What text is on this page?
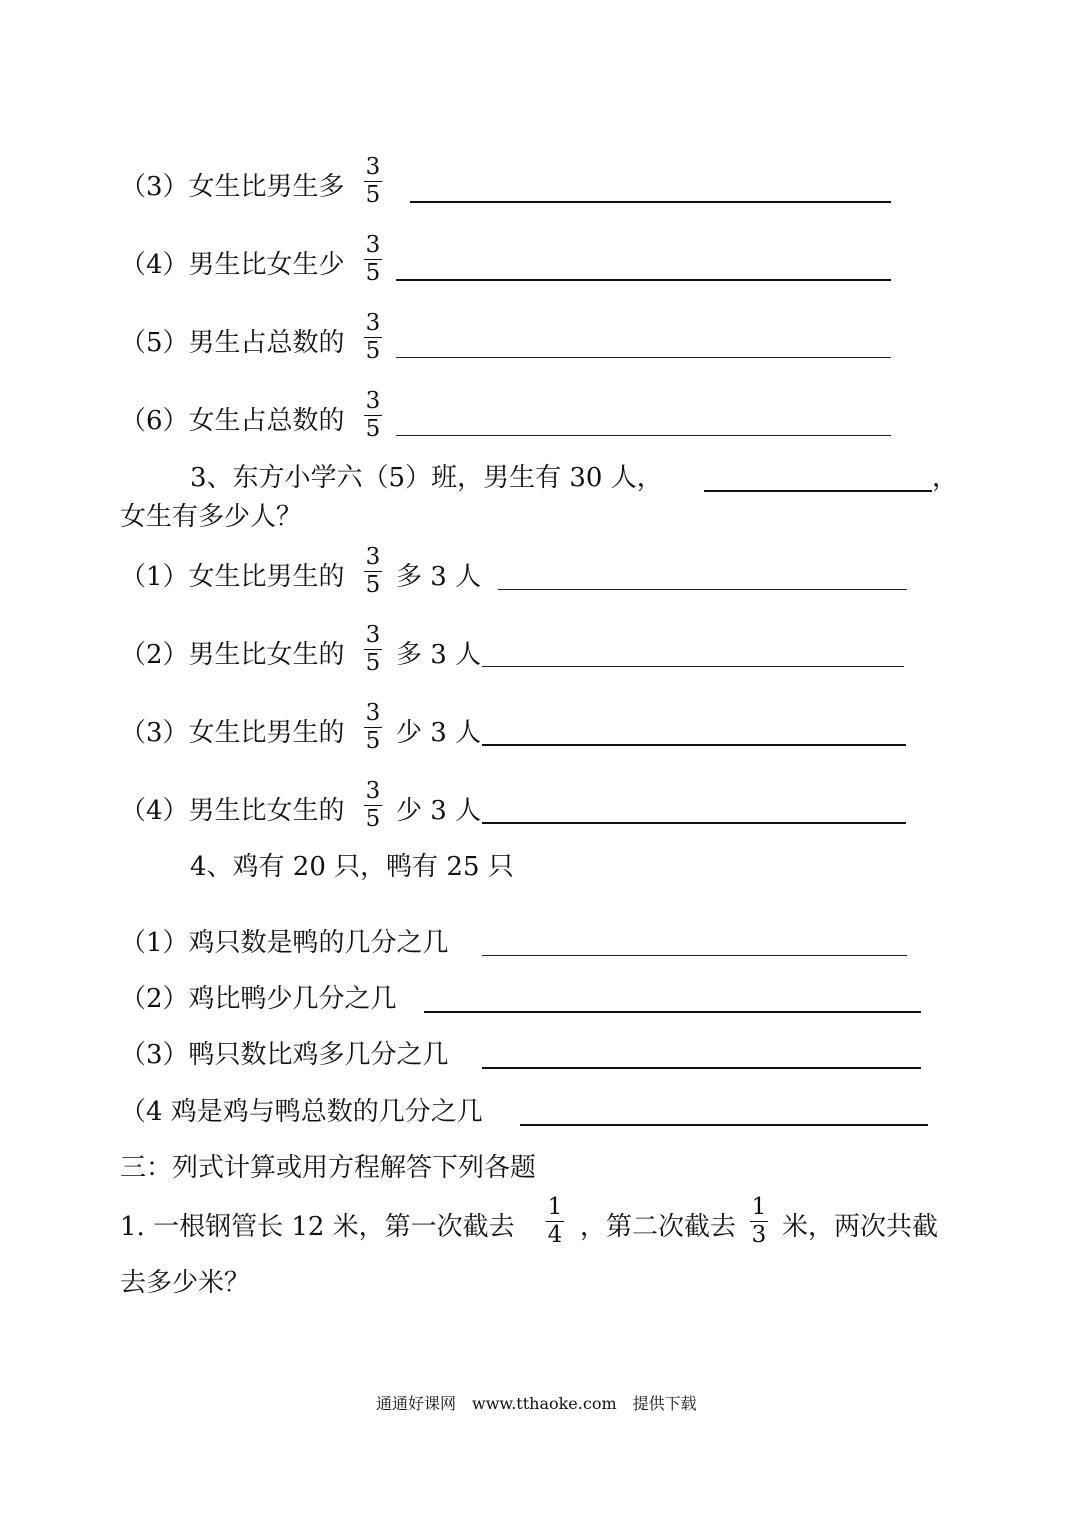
（3）女生比男生多
3
5
（4）男生比女生少
3
5
（5）男生占总数的
3
5
（6）女生占总数的
3
5
3、东方小学六（5）班，男生有 30 人，	，
女生有多少人？
（1）女生比男生的
3
5 多 3 人
（2）男生比女生的
3
5 多 3 人
（3）女生比男生的
3
5 少 3 人
（4）男生比女生的
3
5 少 3 人
4、鸡有 20 只，鸭有 25 只
（1）鸡只数是鸭的几分之几
（2）鸡比鸭少几分之几
（3）鸭只数比鸡多几分之几
（4 鸡是鸡与鸭总数的几分之几
三：列式计算或用方程解答下列各题
1. 一根钢管长 12 米，第一次截去
1
4 ，第二次截去
1
3 米，两次共截
去多少米？
通通好课网　www.tthaoke.com　提供下载
